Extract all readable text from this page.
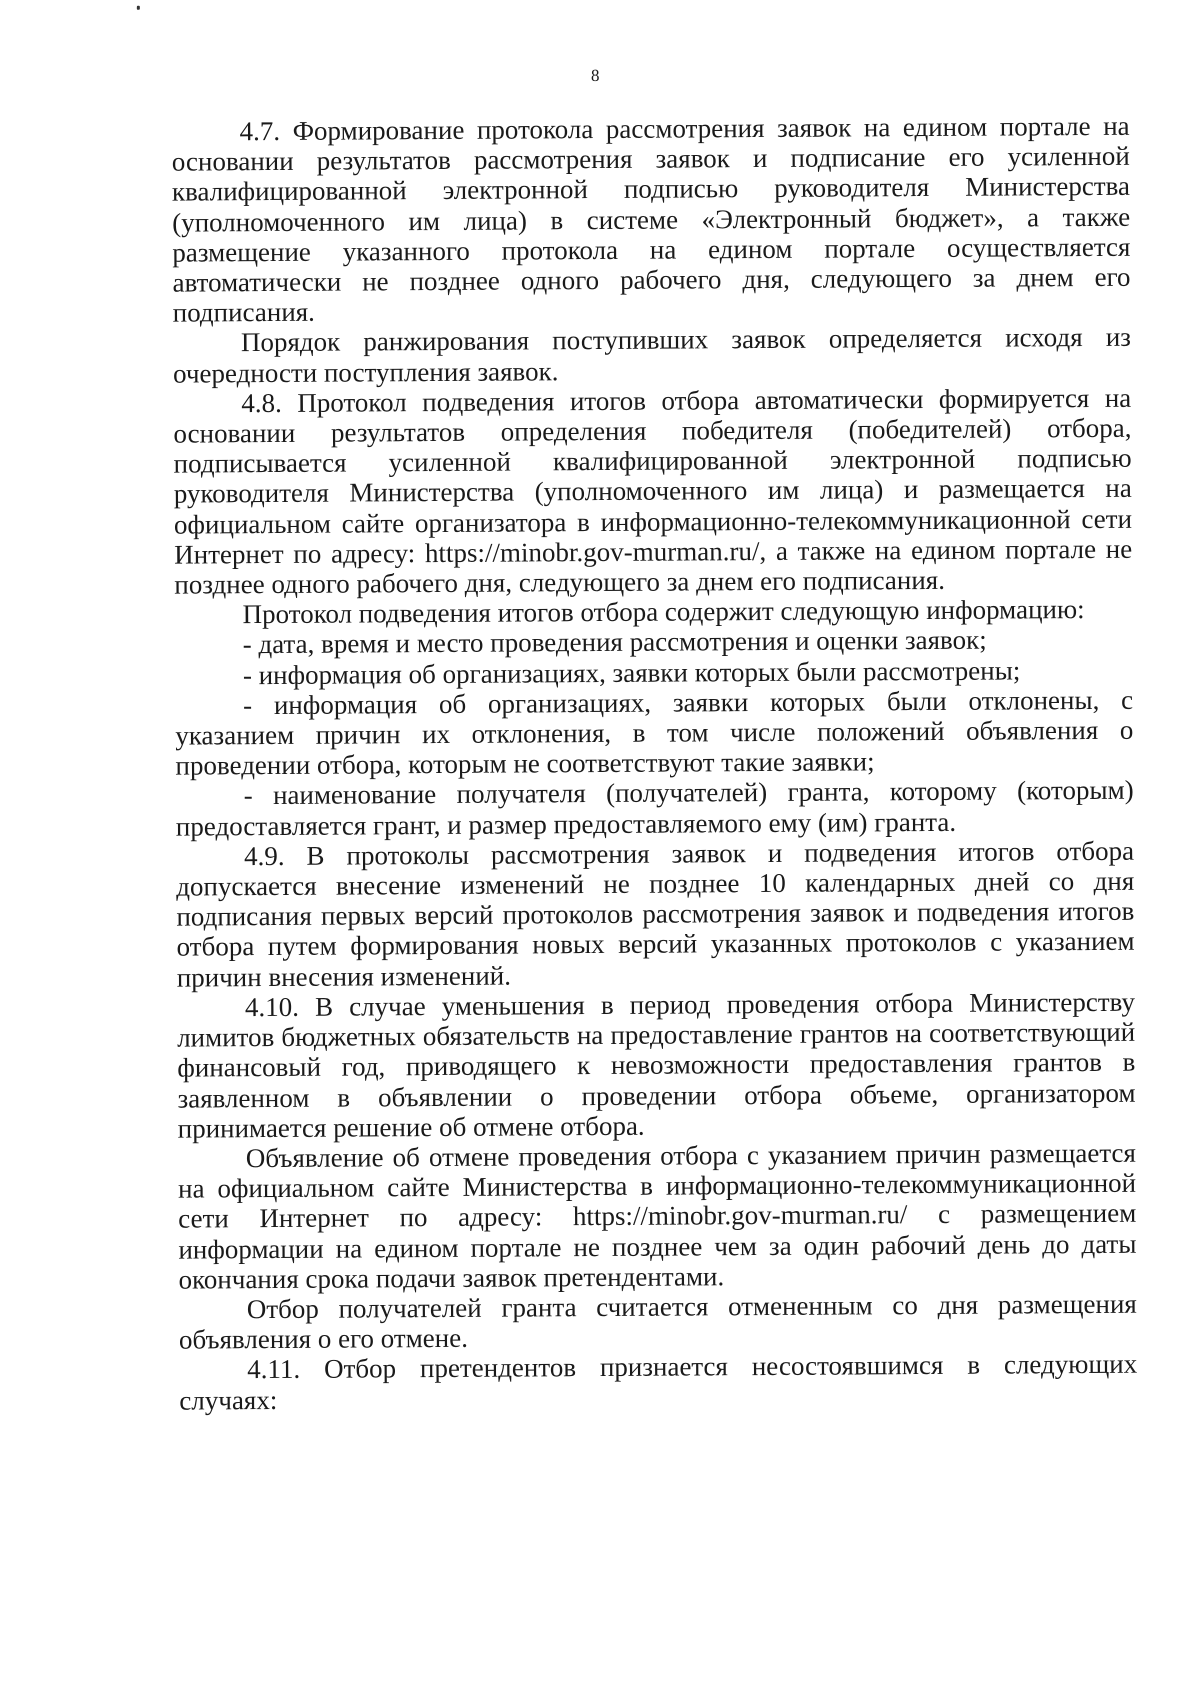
8

4.7. Формирование протокола рассмотрения заявок на едином портале на основании результатов рассмотрения заявок и подписание его усиленной квалифицированной электронной подписью руководителя Министерства (уполномоченного им лица) в системе «Электронный бюджет», а также размещение указанного протокола на едином портале осуществляется автоматически не позднее одного рабочего дня, следующего за днем его подписания.

Порядок ранжирования поступивших заявок определяется исходя из очередности поступления заявок.

4.8. Протокол подведения итогов отбора автоматически формируется на основании результатов определения победителя (победителей) отбора, подписывается усиленной квалифицированной электронной подписью руководителя Министерства (уполномоченного им лица) и размещается на официальном сайте организатора в информационно-телекоммуникационной сети Интернет по адресу: https://minobr.gov-murman.ru/, а также на едином портале не позднее одного рабочего дня, следующего за днем его подписания.

Протокол подведения итогов отбора содержит следующую информацию:

- дата, время и место проведения рассмотрения и оценки заявок;

- информация об организациях, заявки которых были рассмотрены;

- информация об организациях, заявки которых были отклонены, с указанием причин их отклонения, в том числе положений объявления о проведении отбора, которым не соответствуют такие заявки;

- наименование получателя (получателей) гранта, которому (которым) предоставляется грант, и размер предоставляемого ему (им) гранта.

4.9. В протоколы рассмотрения заявок и подведения итогов отбора допускается внесение изменений не позднее 10 календарных дней со дня подписания первых версий протоколов рассмотрения заявок и подведения итогов отбора путем формирования новых версий указанных протоколов с указанием причин внесения изменений.

4.10. В случае уменьшения в период проведения отбора Министерству лимитов бюджетных обязательств на предоставление грантов на соответствующий финансовый год, приводящего к невозможности предоставления грантов в заявленном в объявлении о проведении отбора объеме, организатором принимается решение об отмене отбора.

Объявление об отмене проведения отбора с указанием причин размещается на официальном сайте Министерства в информационно-телекоммуникационной сети Интернет по адресу: https://minobr.gov-murman.ru/ с размещением информации на едином портале не позднее чем за один рабочий день до даты окончания срока подачи заявок претендентами.

Отбор получателей гранта считается отмененным со дня размещения объявления о его отмене.

4.11. Отбор претендентов признается несостоявшимся в следующих случаях:
